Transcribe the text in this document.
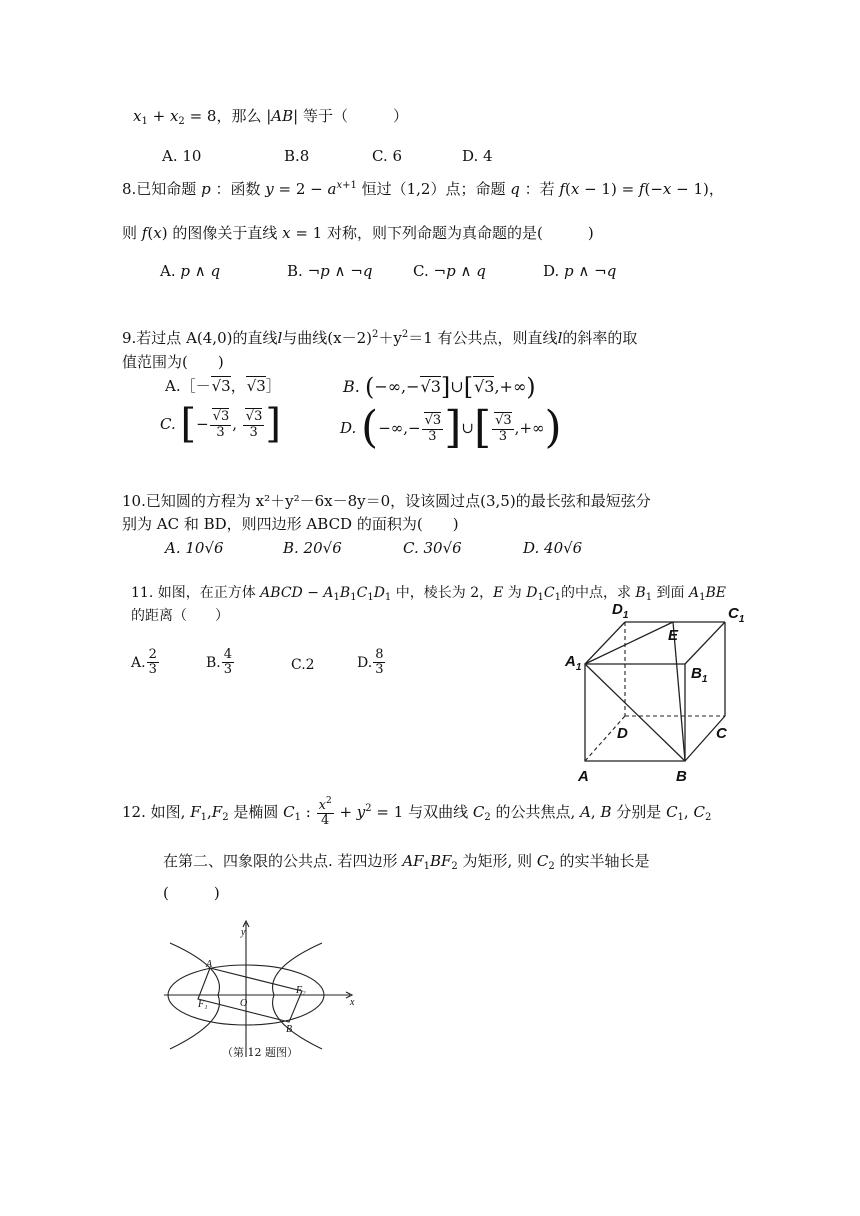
$x_1 + x_2 = 8$，那么 |AB| 等于（　　　）
A. 10	B.8	C. 6	D. 4
8.已知命题 p ：函数 $y = 2 - a^{x+1}$ 恒过（1,2）点；命题 q ：若 f(x − 1) = f(−x − 1)，
则 f(x) 的图像关于直线 x = 1 对称，则下列命题为真命题的是(　　　)
A. p ∧ q	B. ¬p ∧ ¬q	C. ¬p ∧ q	D. p ∧ ¬q
9.若过点 A(4,0)的直线l与曲线$(x-2)^2+y^2=1$ 有公共点，则直线l的斜率的取
值范围为(　　)
A.［－√3，√3］	B. (−∞,−√3]∪[√3,+∞)
C. [− $\frac{√3}{3}$ , $\frac{√3}{3}$ ]	D. (−∞,− $\frac{√3}{3}$ ]∪[ $\frac{√3}{3}$ ,+∞)
10.已知圆的方程为 x²＋y²－6x－8y＝0，设该圆过点(3,5)的最长弦和最短弦分
别为 AC 和 BD，则四边形 ABCD 的面积为(　　)
A. 10√6	B. 20√6	C. 30√6	D. 40√6
11. 如图，在正方体 ABCD − $A_1B_1C_1D_1$ 中，棱长为 2，E 为 $D_1C_1$的中点，求 $B_1$ 到面 $A_1BE$
的距离（　　）
A. $\frac{2}{3}$	B. $\frac{4}{3}$	C.2	D. $\frac{8}{3}$
$D_1$	$C_1$
E
$A_1$	$B_1$
D	C
A	B
12. 如图, $F_1,F_2$ 是椭圆 $C_1$ : $\frac{x^2}{4} + y^2 = 1$ 与双曲线 $C_2$ 的公共焦点, A, B 分别是 $C_1$, $C_2$
在第二、四象限的公共点. 若四边形 $AF_1BF_2$ 为矩形, 则 $C_2$ 的实半轴长是
(　　　)
y
x
A
B
F₁
F₂
O
（第 12 题图）
